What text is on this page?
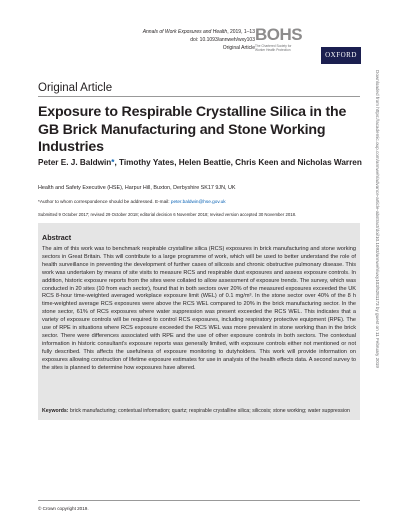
Annals of Work Exposures and Health, 2019, 1–13
doi: 10.1093/annweh/wxy103
Original Article
BOHS
The Chartered Society for
Worker Health Protection
OXFORD
Downloaded from https://academic.oup.com/annweh/advance-article-abstract/doi/10.1093/annweh/wxy103/5281173 by guest on 11 February 2019
Original Article
Exposure to Respirable Crystalline Silica in the GB Brick Manufacturing and Stone Working Industries
Peter E. J. Baldwin*, Timothy Yates, Helen Beattie, Chris Keen and Nicholas Warren
Health and Safety Executive (HSE), Harpur Hill, Buxton, Derbyshire SK17 9JN, UK
*Author to whom correspondence should be addressed. E-mail: peter.baldwin@hse.gov.uk
Submitted 9 October 2017; revised 29 October 2018; editorial decision 6 November 2018; revised version accepted 30 November 2018.
Abstract
The aim of this work was to benchmark respirable crystalline silica (RCS) exposures in brick manufacturing and stone working sectors in Great Britain. This will contribute to a large programme of work, which will be used to better understand the role of health surveillance in preventing the development of further cases of silicosis and chronic obstructive pulmonary disease. This work was undertaken by means of site visits to measure RCS and respirable dust exposures and assess exposure controls. In addition, historic exposure reports from the sites were collated to allow assessment of exposure trends. The survey, which was conducted in 20 sites (10 from each sector), found that in both sectors over 20% of the measured exposures exceeded the UK RCS 8-hour time-weighted averaged workplace exposure limit (WEL) of 0.1 mg/m³. In the stone sector over 40% of the 8 h time-weighted average RCS exposures were above the RCS WEL compared to 20% in the brick manufacturing sector. In the stone sector, 61% of RCS exposures where water suppression was present exceeded the RCS WEL. This indicates that a variety of exposure controls will be required to control RCS exposures, including respiratory protective equipment (RPE). The use of RPE in situations where RCS exposure exceeded the RCS WEL was more prevalent in stone working than in the brick sector. There were differences associated with RPE and the use of other exposure controls in both sectors. The contextual information in historic consultant's exposure reports was generally limited, with exposure controls either not mentioned or not fully described. This affects the usefulness of exposure monitoring to dutyholders. This work will provide information on exposures allowing construction of lifetime exposure estimates for use in analysis of the health effects data. A second survey to the sites is planned to determine how exposures have altered.
Keywords: brick manufacturing; contextual information; quartz; respirable crystalline silica; silicosis; stone working; water suppression
© Crown copyright 2019.
